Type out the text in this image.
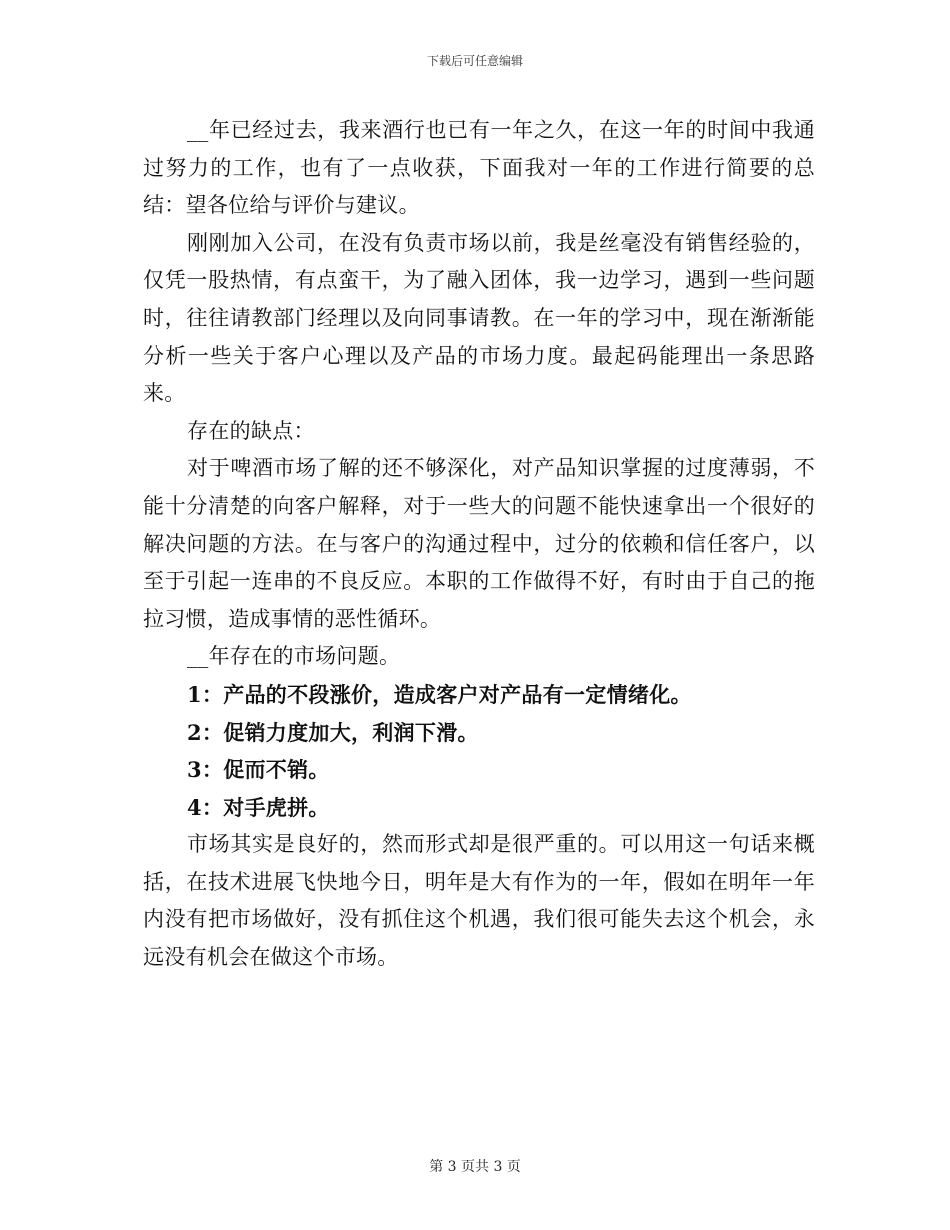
下载后可任意编辑

__年已经过去，我来酒行也已有一年之久，在这一年的时间中我通过努力的工作，也有了一点收获，下面我对一年的工作进行简要的总结：望各位给与评价与建议。

刚刚加入公司，在没有负责市场以前，我是丝毫没有销售经验的，仅凭一股热情，有点蛮干，为了融入团体，我一边学习，遇到一些问题时，往往请教部门经理以及向同事请教。在一年的学习中，现在渐渐能分析一些关于客户心理以及产品的市场力度。最起码能理出一条思路来。

存在的缺点：

对于啤酒市场了解的还不够深化，对产品知识掌握的过度薄弱，不能十分清楚的向客户解释，对于一些大的问题不能快速拿出一个很好的解决问题的方法。在与客户的沟通过程中，过分的依赖和信任客户，以至于引起一连串的不良反应。本职的工作做得不好，有时由于自己的拖拉习惯，造成事情的恶性循环。

__年存在的市场问题。

1：产品的不段涨价，造成客户对产品有一定情绪化。

2：促销力度加大，利润下滑。

3：促而不销。

4：对手虎拼。

市场其实是良好的，然而形式却是很严重的。可以用这一句话来概括，在技术进展飞快地今日，明年是大有作为的一年，假如在明年一年内没有把市场做好，没有抓住这个机遇，我们很可能失去这个机会，永远没有机会在做这个市场。

第 3 页共 3 页
